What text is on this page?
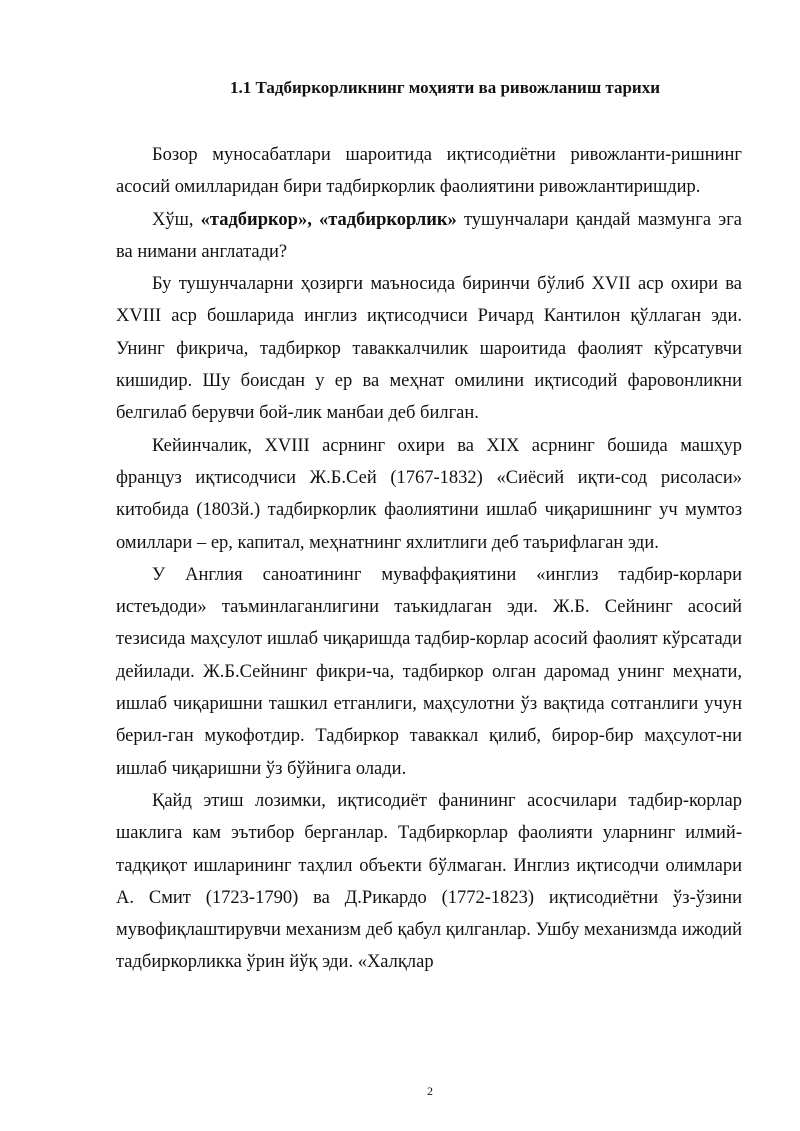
1.1 Тадбиркорликнинг моҳияти ва ривожланиш тарихи

Бозор муносабатлари шароитида иқтисодиётни ривожланти-ришнинг асосий омилларидан бири тадбиркорлик фаолиятини ривожлантиришдир.

Хўш, «тадбиркор», «тадбиркорлик» тушунчалари қандай мазмунга эга ва нимани англатади?

Бу тушунчаларни ҳозирги маъносида биринчи бўлиб XVII аср охири ва XVIII аср бошларида инглиз иқтисодчиси Ричард Кантилон қўллаган эди. Унинг фикрича, тадбиркор таваккалчилик шароитида фаолият кўрсатувчи кишидир. Шу боисдан у ер ва меҳнат омилини иқтисодий фаровонликни белгилаб берувчи бой-лик манбаи деб билган.

Кейинчалик, XVIII асрнинг охири ва XIX асрнинг бошида машҳур француз иқтисодчиси Ж.Б.Сей (1767-1832) «Сиёсий иқти-сод рисоласи» китобида (1803й.) тадбиркорлик фаолиятини ишлаб чиқаришнинг уч мумтоз омиллари – ер, капитал, меҳнатнинг яхлитлиги деб таърифлаган эди.

У Англия саноатининг муваффақиятини «инглиз тадбир-корлари истеъдоди» таъминлаганлигини таъкидлаган эди. Ж.Б. Сейнинг асосий тезисида маҳсулот ишлаб чиқаришда тадбир-корлар асосий фаолият кўрсатади дейилади. Ж.Б.Сейнинг фикри-ча, тадбиркор олган даромад унинг меҳнати, ишлаб чиқаришни ташкил етганлиги, маҳсулотни ўз вақтида сотганлиги учун берил-ган мукофотдир. Тадбиркор таваккал қилиб, бирор-бир маҳсулот-ни ишлаб чиқаришни ўз бўйнига олади.

Қайд этиш лозимки, иқтисодиёт фанининг асосчилари тадбир-корлар шаклига кам эътибор берганлар. Тадбиркорлар фаолияти уларнинг илмий-тадқиқот ишларининг таҳлил объекти бўлмаган. Инглиз иқтисодчи олимлари А. Смит (1723-1790) ва Д.Рикардо (1772-1823) иқтисодиётни ўз-ўзини мувофиқлаштирувчи механизм деб қабул қилганлар. Ушбу механизмда ижодий тадбиркорликка ўрин йўқ эди. «Халқлар

2
